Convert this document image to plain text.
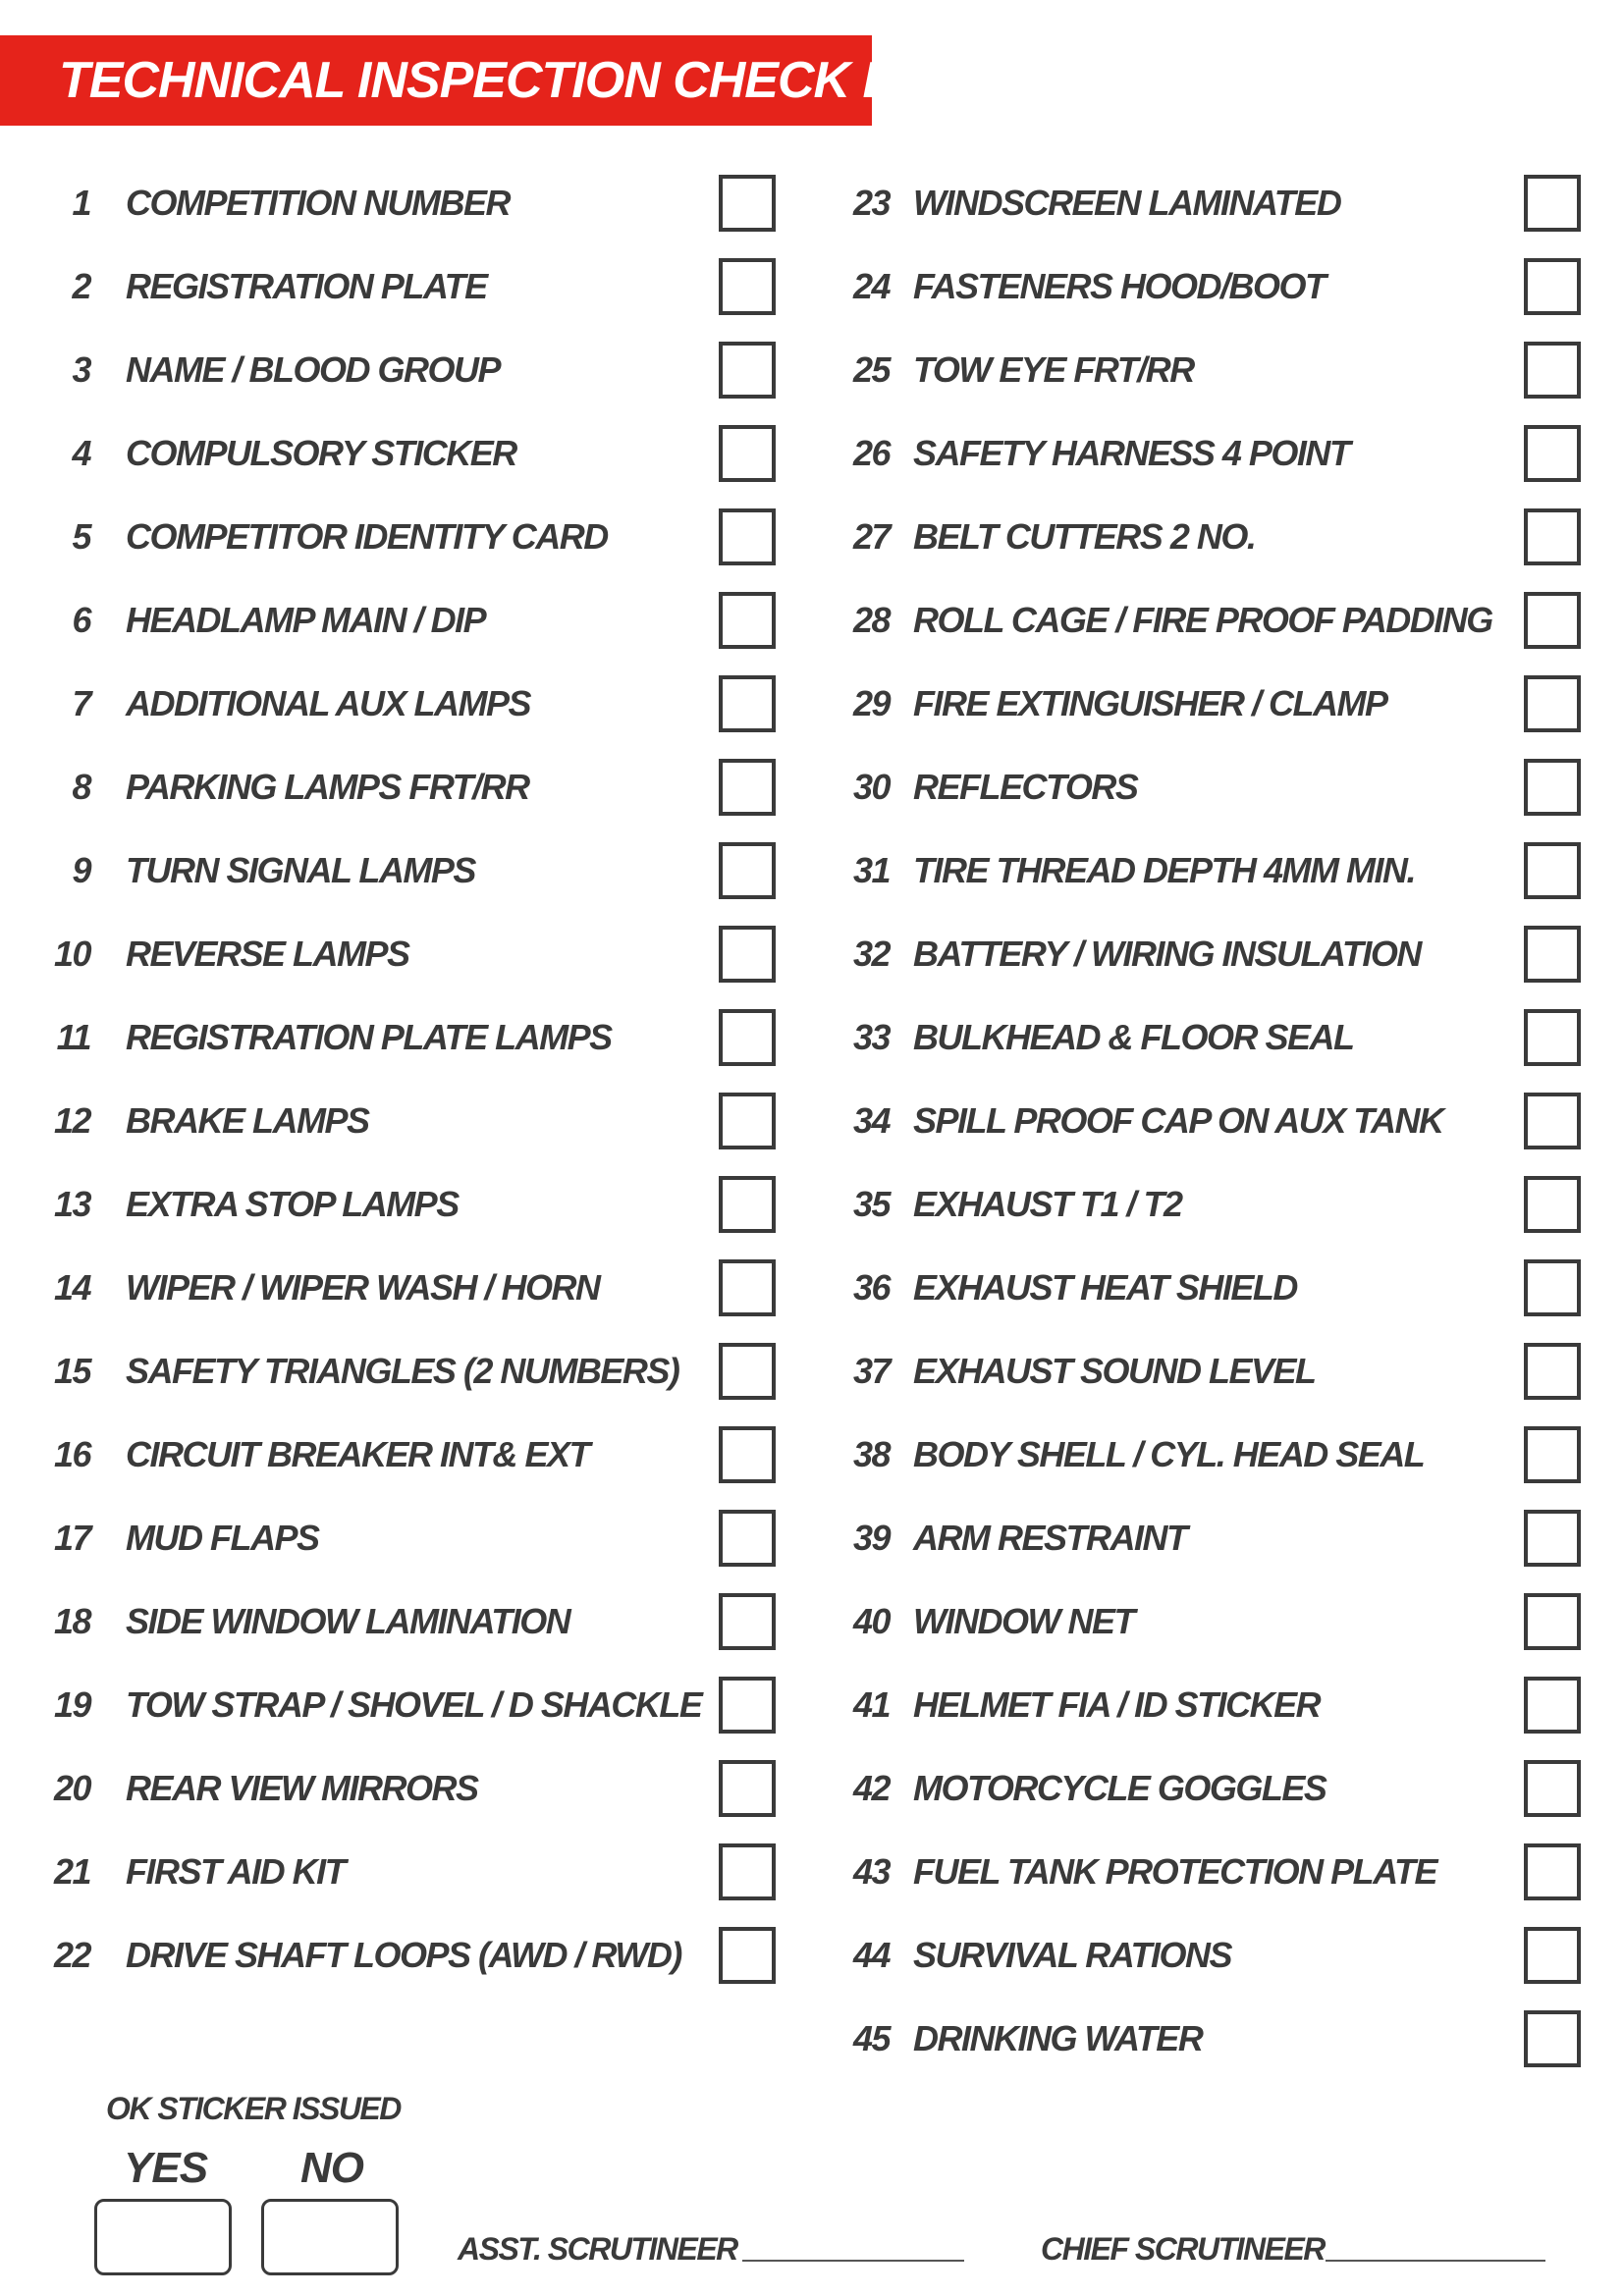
TECHNICAL INSPECTION CHECK LIST
1 COMPETITION NUMBER
2 REGISTRATION PLATE
3 NAME / BLOOD GROUP
4 COMPULSORY STICKER
5 COMPETITOR IDENTITY CARD
6 HEADLAMP MAIN / DIP
7 ADDITIONAL AUX LAMPS
8 PARKING LAMPS FRT/RR
9 TURN SIGNAL LAMPS
10 REVERSE LAMPS
11 REGISTRATION PLATE LAMPS
12 BRAKE LAMPS
13 EXTRA STOP LAMPS
14 WIPER / WIPER WASH / HORN
15 SAFETY TRIANGLES (2 NUMBERS)
16 CIRCUIT BREAKER INT& EXT
17 MUD FLAPS
18 SIDE WINDOW LAMINATION
19 TOW STRAP / SHOVEL / D SHACKLE
20 REAR VIEW MIRRORS
21 FIRST AID KIT
22 DRIVE SHAFT LOOPS (AWD / RWD)
23 WINDSCREEN LAMINATED
24 FASTENERS HOOD/BOOT
25 TOW EYE FRT/RR
26 SAFETY HARNESS 4 POINT
27 BELT CUTTERS 2 NO.
28 ROLL CAGE / FIRE PROOF PADDING
29 FIRE EXTINGUISHER / CLAMP
30 REFLECTORS
31 TIRE THREAD DEPTH 4MM MIN.
32 BATTERY / WIRING INSULATION
33 BULKHEAD & FLOOR SEAL
34 SPILL PROOF CAP ON AUX TANK
35 EXHAUST T1 / T2
36 EXHAUST HEAT SHIELD
37 EXHAUST SOUND LEVEL
38 BODY SHELL / CYL. HEAD SEAL
39 ARM RESTRAINT
40 WINDOW NET
41 HELMET FIA / ID STICKER
42 MOTORCYCLE GOGGLES
43 FUEL TANK PROTECTION PLATE
44 SURVIVAL RATIONS
45 DRINKING WATER
OK STICKER ISSUED
YES NO
ASST. SCRUTINEER	CHIEF SCRUTINEER
